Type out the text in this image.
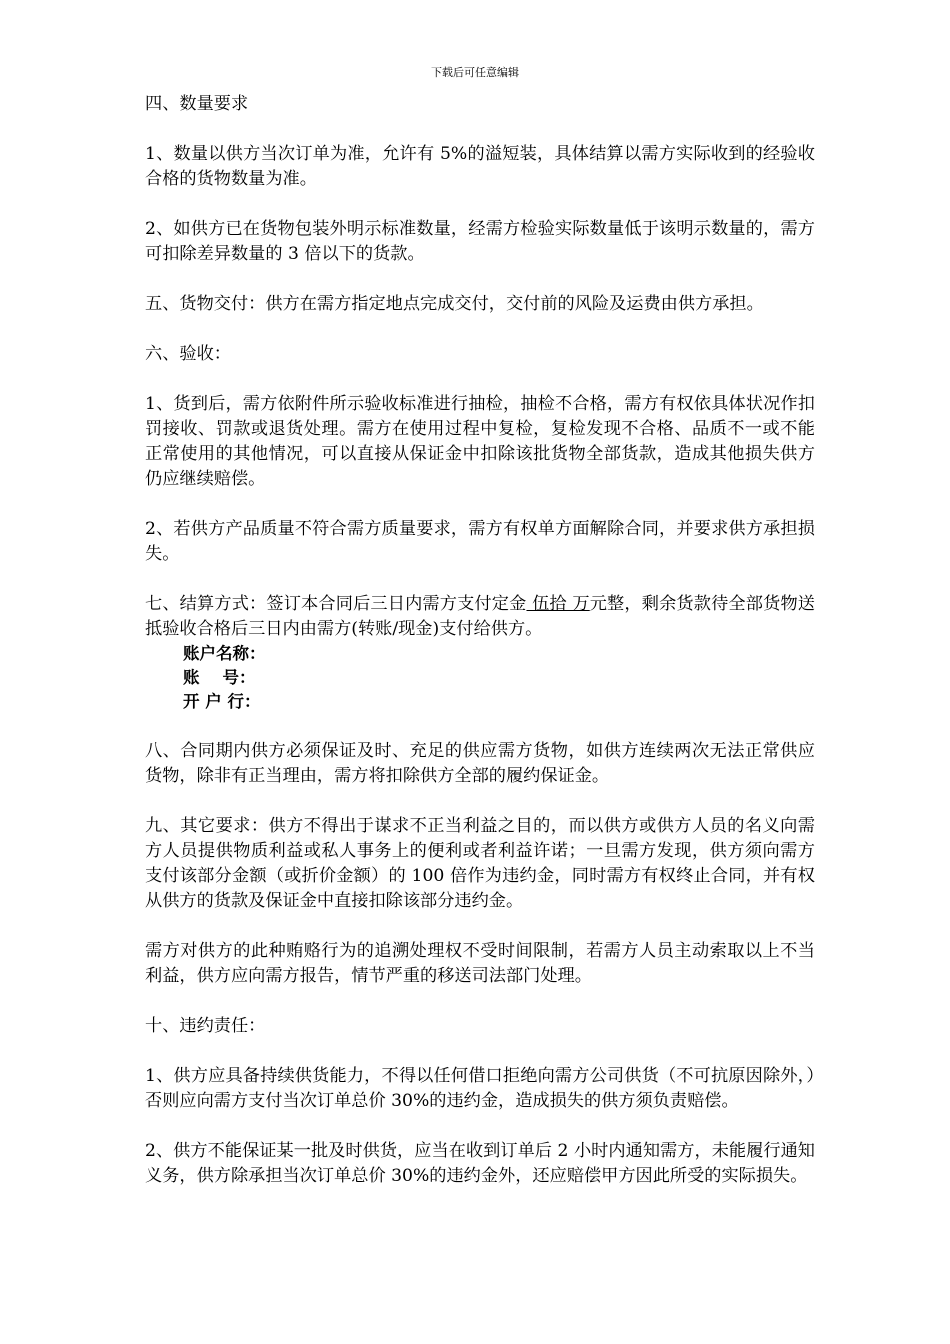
下载后可任意编辑

四、数量要求

1、数量以供方当次订单为准，允许有 5%的溢短装，具体结算以需方实际收到的经验收合格的货物数量为准。

2、如供方已在货物包装外明示标准数量，经需方检验实际数量低于该明示数量的，需方可扣除差异数量的 3 倍以下的货款。

五、货物交付：供方在需方指定地点完成交付，交付前的风险及运费由供方承担。

六、验收：

1、货到后，需方依附件所示验收标准进行抽检，抽检不合格，需方有权依具体状况作扣罚接收、罚款或退货处理。需方在使用过程中复检，复检发现不合格、品质不一或不能正常使用的其他情况，可以直接从保证金中扣除该批货物全部货款，造成其他损失供方仍应继续赔偿。

2、若供方产品质量不符合需方质量要求，需方有权单方面解除合同，并要求供方承担损失。

七、结算方式：签订本合同后三日内需方支付定金 伍拾 万元整，剩余货款待全部货物送抵验收合格后三日内由需方(转账/现金)支付给供方。

账户名称：
账    号：
开 户 行：

八、合同期内供方必须保证及时、充足的供应需方货物，如供方连续两次无法正常供应货物，除非有正当理由，需方将扣除供方全部的履约保证金。

九、其它要求：供方不得出于谋求不正当利益之目的，而以供方或供方人员的名义向需方人员提供物质利益或私人事务上的便利或者利益许诺；一旦需方发现，供方须向需方支付该部分金额（或折价金额）的 100 倍作为违约金，同时需方有权终止合同，并有权从供方的货款及保证金中直接扣除该部分违约金。

需方对供方的此种贿赂行为的追溯处理权不受时间限制，若需方人员主动索取以上不当利益，供方应向需方报告，情节严重的移送司法部门处理。

十、违约责任：

1、供方应具备持续供货能力，不得以任何借口拒绝向需方公司供货（不可抗原因除外，）否则应向需方支付当次订单总价 30%的违约金，造成损失的供方须负责赔偿。

2、供方不能保证某一批及时供货，应当在收到订单后 2 小时内通知需方，未能履行通知义务，供方除承担当次订单总价 30%的违约金外，还应赔偿甲方因此所受的实际损失。
